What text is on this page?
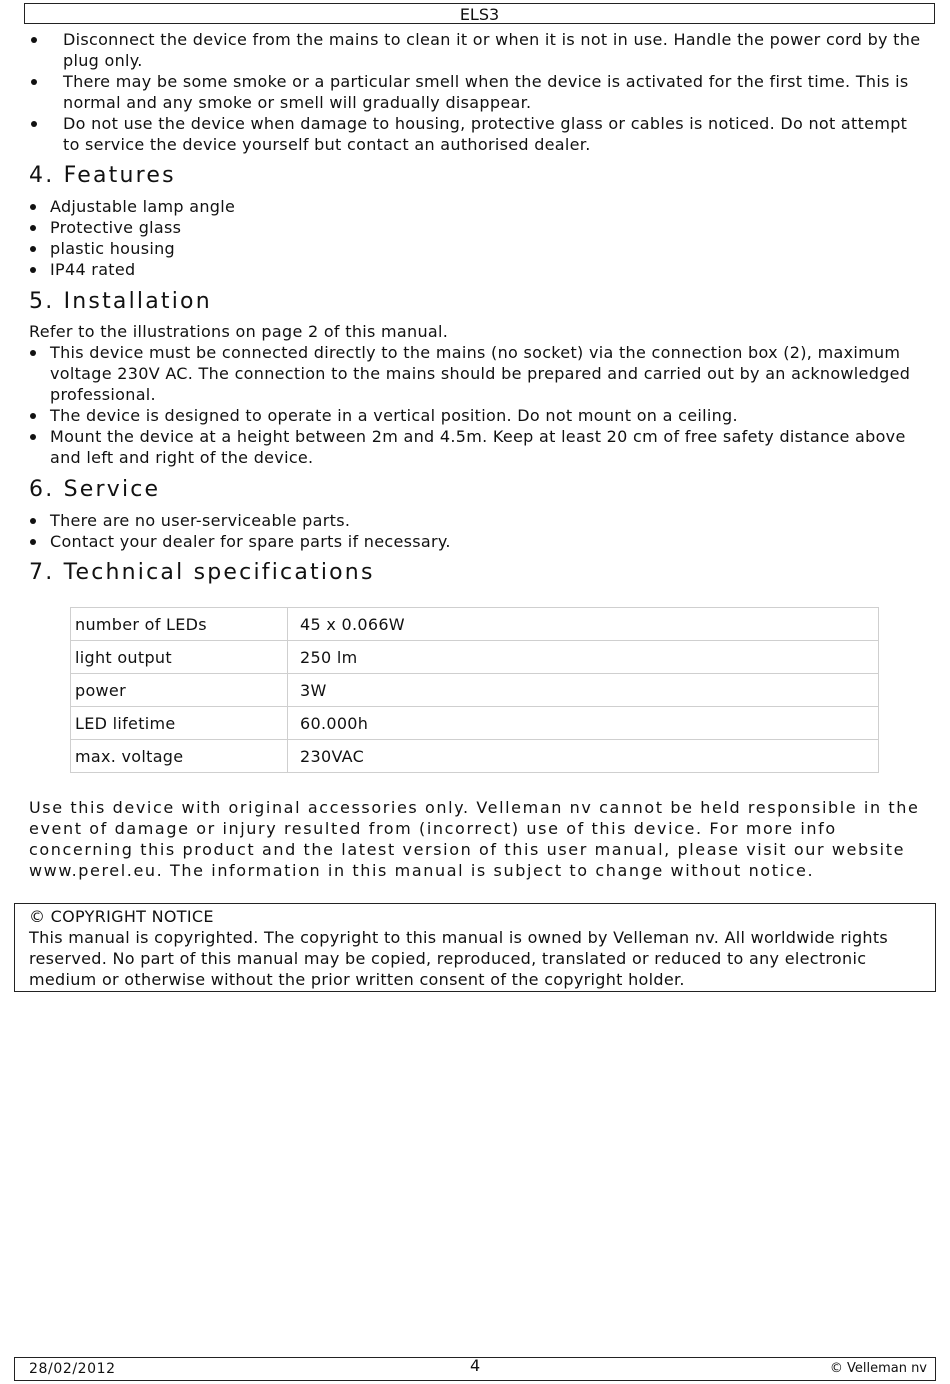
ELS3
Disconnect the device from the mains to clean it or when it is not in use. Handle the power cord by the plug only.
There may be some smoke or a particular smell when the device is activated for the first time. This is normal and any smoke or smell will gradually disappear.
Do not use the device when damage to housing, protective glass or cables is noticed. Do not attempt to service the device yourself but contact an authorised dealer.
4. Features
Adjustable lamp angle
Protective glass
plastic housing
IP44 rated
5. Installation
Refer to the illustrations on page 2 of this manual.
This device must be connected directly to the mains (no socket) via the connection box (2), maximum voltage 230V AC. The connection to the mains should be prepared and carried out by an acknowledged professional.
The device is designed to operate in a vertical position. Do not mount on a ceiling.
Mount the device at a height between 2m and 4.5m. Keep at least 20 cm of free safety distance above and left and right of the device.
6. Service
There are no user-serviceable parts.
Contact your dealer for spare parts if necessary.
7. Technical specifications
number of LEDs	45 x 0.066W
light output	250 lm
power	3W
LED lifetime	60.000h
max. voltage	230VAC
Use this device with original accessories only. Velleman nv cannot be held responsible in the event of damage or injury resulted from (incorrect) use of this device. For more info concerning this product and the latest version of this user manual, please visit our website www.perel.eu. The information in this manual is subject to change without notice.
© COPYRIGHT NOTICE
This manual is copyrighted. The copyright to this manual is owned by Velleman nv. All worldwide rights reserved. No part of this manual may be copied, reproduced, translated or reduced to any electronic medium or otherwise without the prior written consent of the copyright holder.
28/02/2012	4	© Velleman nv
